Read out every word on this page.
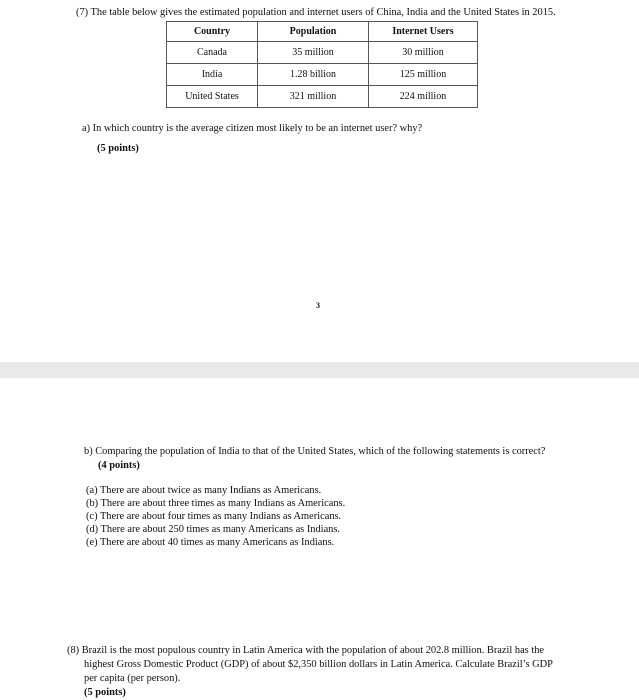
(7) The table below gives the estimated population and internet users of China, India and the United States in 2015.
Country	Population	Internet Users
Canada	35 million	30 million
India	1.28 billion	125 million
United States	321 million	224 million
a) In which country is the average citizen most likely to be an internet user? why?
(5 points)
3
b) Comparing the population of India to that of the United States, which of the following statements is correct?
(4 points)
(a) There are about twice as many Indians as Americans.
(b) There are about three times as many Indians as Americans.
(c) There are about four times as many Indians as Americans.
(d) There are about 250 times as many Americans as Indians.
(e) There are about 40 times as many Americans as Indians.
(8) Brazil is the most populous country in Latin America with the population of about 202.8 million. Brazil has the
highest Gross Domestic Product (GDP) of about $2,350 billion dollars in Latin America. Calculate Brazil’s GDP
per capita (per person).
(5 points)
